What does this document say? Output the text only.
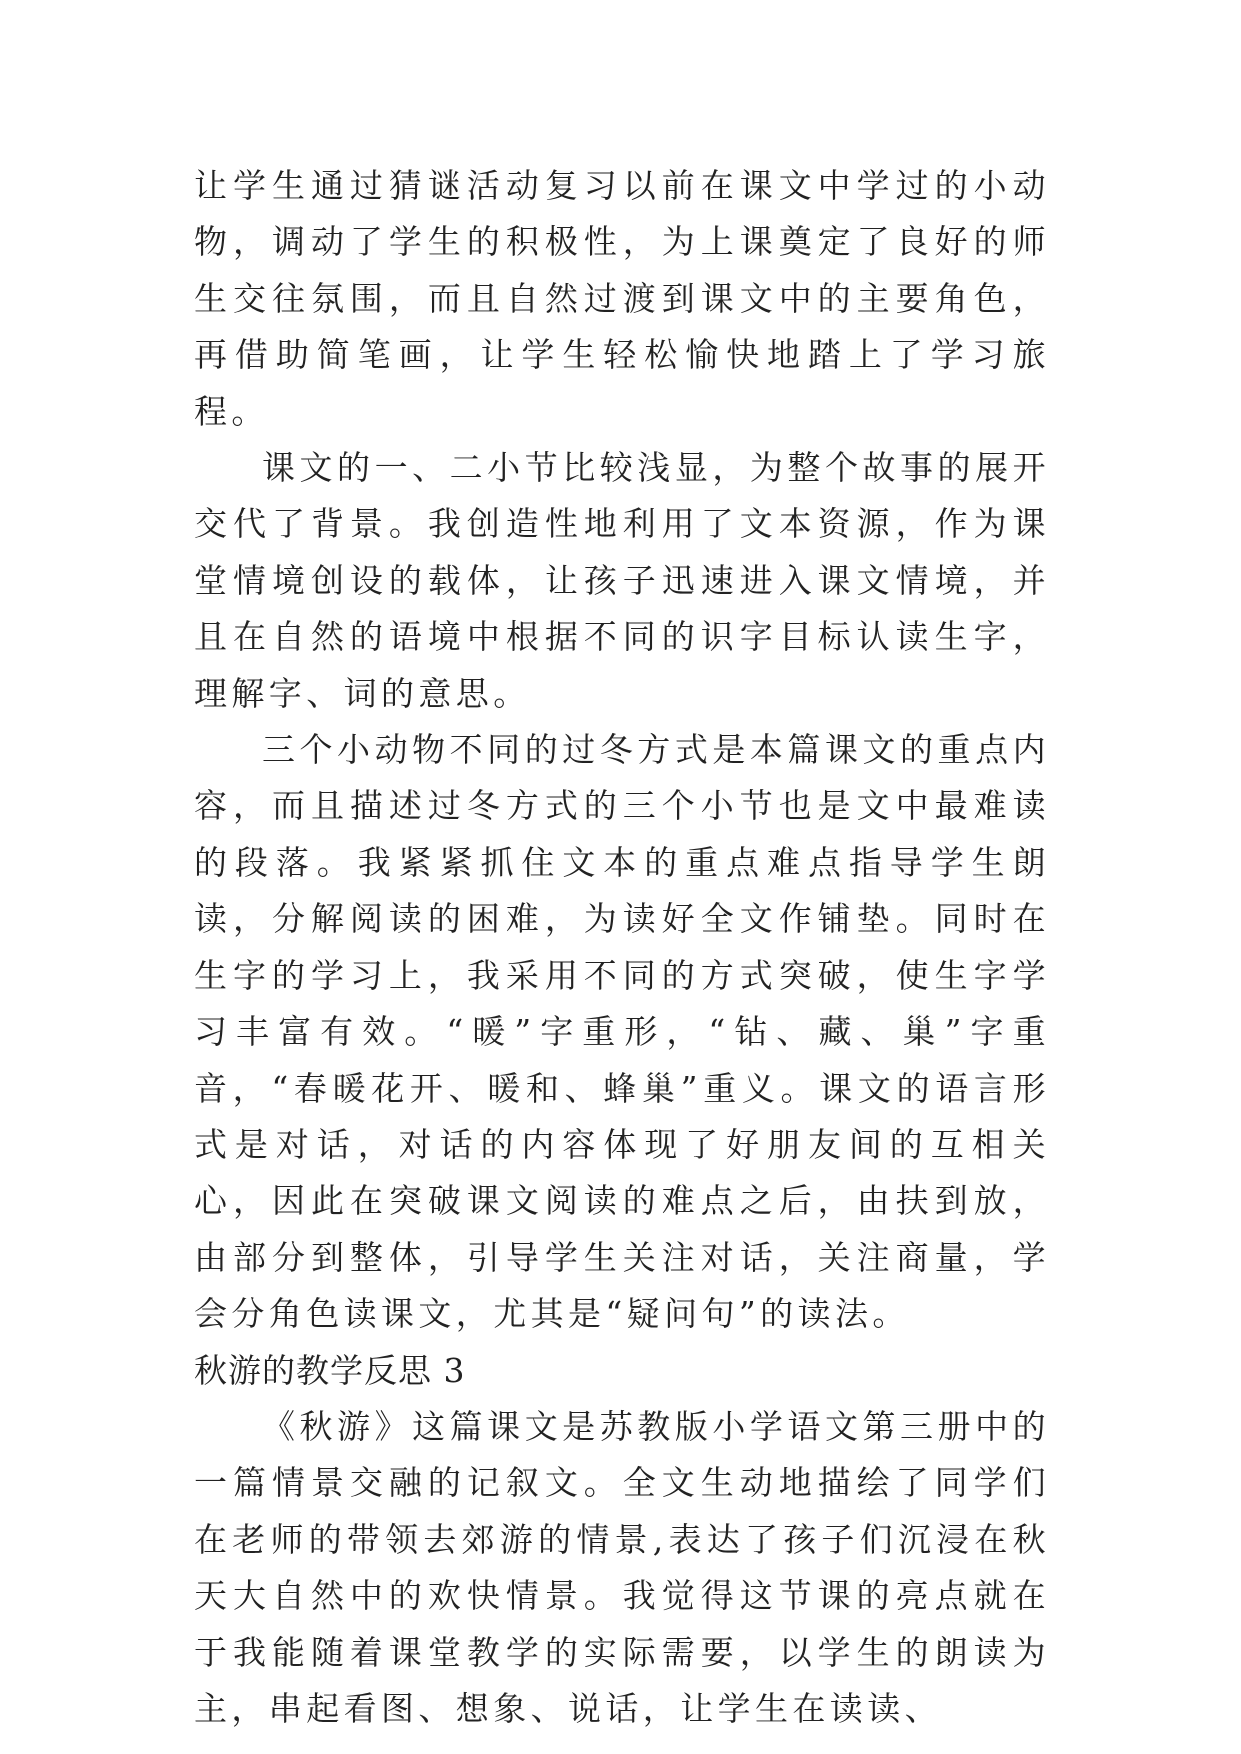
让学生通过猜谜活动复习以前在课文中学过的小动物，调动了学生的积极性，为上课奠定了良好的师生交往氛围，而且自然过渡到课文中的主要角色，再借助简笔画，让学生轻松愉快地踏上了学习旅程。

课文的一、二小节比较浅显，为整个故事的展开交代了背景。我创造性地利用了文本资源，作为课堂情境创设的载体，让孩子迅速进入课文情境，并且在自然的语境中根据不同的识字目标认读生字，理解字、词的意思。

三个小动物不同的过冬方式是本篇课文的重点内容，而且描述过冬方式的三个小节也是文中最难读的段落。我紧紧抓住文本的重点难点指导学生朗读，分解阅读的困难，为读好全文作铺垫。同时在生字的学习上，我采用不同的方式突破，使生字学习丰富有效。“暖”字重形，“钻、藏、巢”字重音，“春暖花开、暖和、蜂巢”重义。课文的语言形式是对话，对话的内容体现了好朋友间的互相关心，因此在突破课文阅读的难点之后，由扶到放，由部分到整体，引导学生关注对话，关注商量，学会分角色读课文，尤其是“疑问句”的读法。

秋游的教学反思 3

《秋游》这篇课文是苏教版小学语文第三册中的一篇情景交融的记叙文。全文生动地描绘了同学们在老师的带领去郊游的情景,表达了孩子们沉浸在秋天大自然中的欢快情景。我觉得这节课的亮点就在于我能随着课堂教学的实际需要，以学生的朗读为主，串起看图、想象、说话，让学生在读读、
